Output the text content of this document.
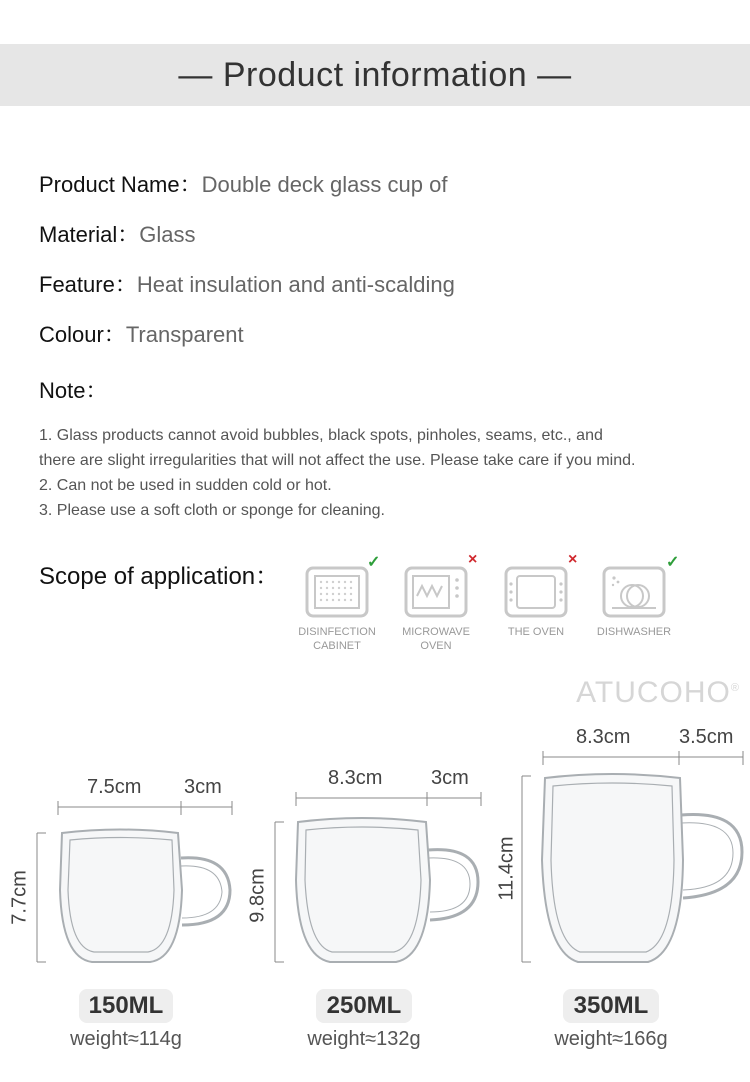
— Product information —
Product Name：Double deck glass cup of
Material：Glass
Feature：Heat insulation and anti-scalding
Colour：Transparent
Note：
1. Glass products cannot avoid bubbles, black spots, pinholes, seams, etc., and
there are slight irregularities that will not affect the use. Please take care if you mind.
2. Can not be used in sudden cold or hot.
3. Please use a soft cloth or sponge for cleaning.
Scope of application：
✓
DISINFECTION
CABINET
×
MICROWAVE
OVEN
×
THE OVEN
✓
DISHWASHER
ATUCOHO®
7.5cm 3cm
7.7cm
8.3cm 3cm
9.8cm
8.3cm 3.5cm
11.4cm
150ML
weight≈114g
250ML
weight≈132g
350ML
weight≈166g
